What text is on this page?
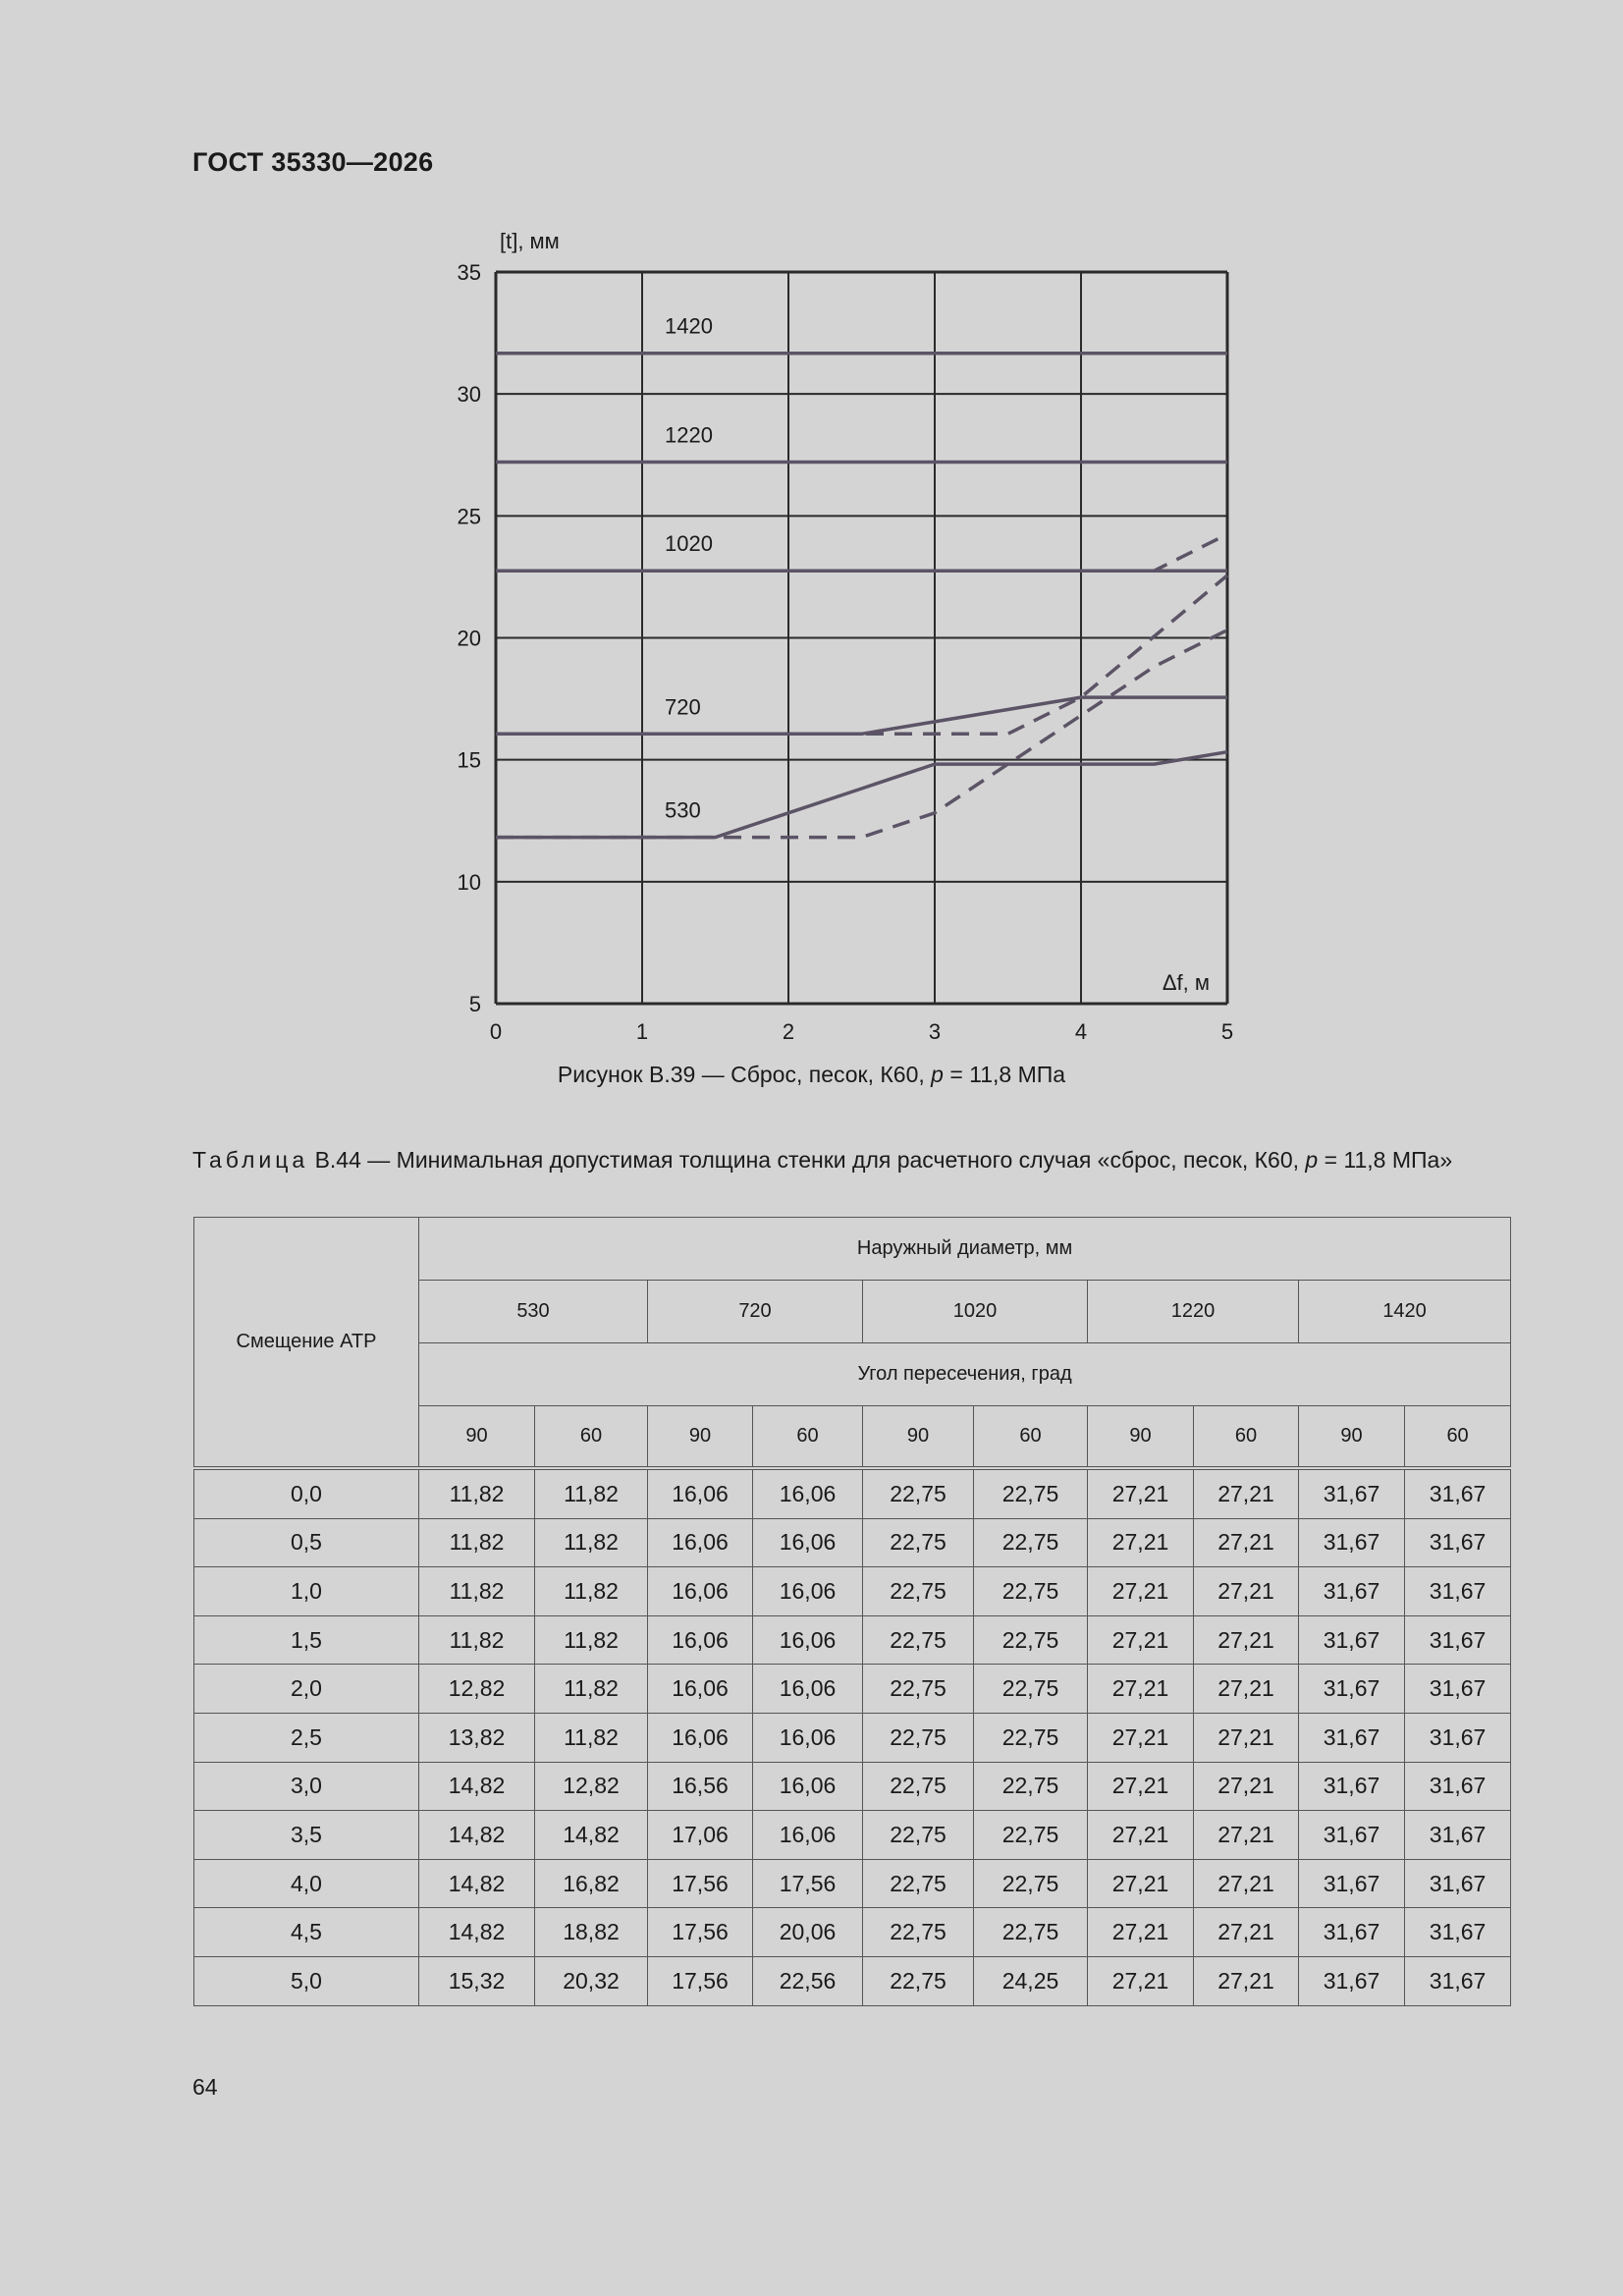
ГОСТ 35330—2026
0	1	2	3	4	5
5
10
15
20
25
30
35
530
720
1020
1220
1420
[t], мм
Δf, м
Рисунок В.39 — Сброс, песок, К60, p = 11,8 МПа
Таблица В.44 — Минимальная допустимая толщина стенки для расчетного случая «сброс, песок, К60, p = 11,8 МПа»
Смещение АТР	Наружный диаметр, мм									
	530		720		1020		1220		1420	
	Угол пересечения, град									
	90	60	90	60	90	60	90	60	90	60
0,0	11,82	11,82	16,06	16,06	22,75	22,75	27,21	27,21	31,67	31,67
0,5	11,82	11,82	16,06	16,06	22,75	22,75	27,21	27,21	31,67	31,67
1,0	11,82	11,82	16,06	16,06	22,75	22,75	27,21	27,21	31,67	31,67
1,5	11,82	11,82	16,06	16,06	22,75	22,75	27,21	27,21	31,67	31,67
2,0	12,82	11,82	16,06	16,06	22,75	22,75	27,21	27,21	31,67	31,67
2,5	13,82	11,82	16,06	16,06	22,75	22,75	27,21	27,21	31,67	31,67
3,0	14,82	12,82	16,56	16,06	22,75	22,75	27,21	27,21	31,67	31,67
3,5	14,82	14,82	17,06	16,06	22,75	22,75	27,21	27,21	31,67	31,67
4,0	14,82	16,82	17,56	17,56	22,75	22,75	27,21	27,21	31,67	31,67
4,5	14,82	18,82	17,56	20,06	22,75	22,75	27,21	27,21	31,67	31,67
5,0	15,32	20,32	17,56	22,56	22,75	24,25	27,21	27,21	31,67	31,67
64
